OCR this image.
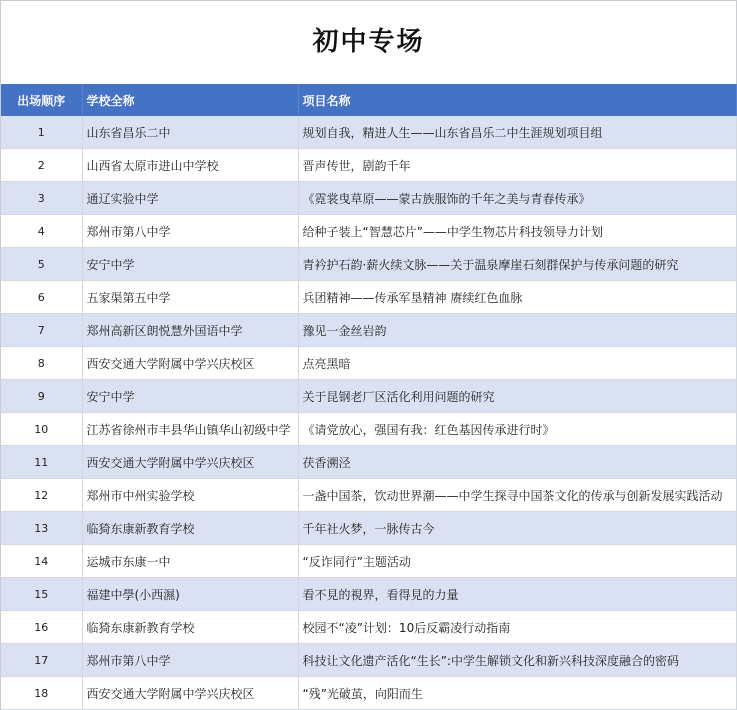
初中专场
出场顺序	学校全称	项目名称
1	山东省昌乐二中	规划自我，精进人生——山东省昌乐二中生涯规划项目组
2	山西省太原市进山中学校	晋声传世，剧韵千年
3	通辽实验中学	《霓裳曳草原——蒙古族服饰的千年之美与青春传承》
4	郑州市第八中学	给种子装上“智慧芯片”——中学生物芯片科技领导力计划
5	安宁中学	青衿护石韵·薪火续文脉——关于温泉摩崖石刻群保护与传承问题的研究
6	五家渠第五中学	兵团精神——传承军垦精神 赓续红色血脉
7	郑州高新区朗悦慧外国语中学	豫见一金丝岩韵
8	西安交通大学附属中学兴庆校区	点亮黑暗
9	安宁中学	关于昆钢老厂区活化利用问题的研究
10	江苏省徐州市丰县华山镇华山初级中学	《请党放心，强国有我：红色基因传承进行时》
11	西安交通大学附属中学兴庆校区	茯香溯泾
12	郑州市中州实验学校	一盏中国茶，饮动世界潮——中学生探寻中国茶文化的传承与创新发展实践活动
13	临猗东康新教育学校	千年社火梦，一脉传古今
14	运城市东康一中	“反诈同行”主题活动
15	福建中學(小西濕)	看不見的視界，看得見的力量
16	临猗东康新教育学校	校园不“凌”计划：10后反霸凌行动指南
17	郑州市第八中学	科技让文化遗产活化“生长”:中学生解锁文化和新兴科技深度融合的密码
18	西安交通大学附属中学兴庆校区	“残”光破茧，向阳而生
